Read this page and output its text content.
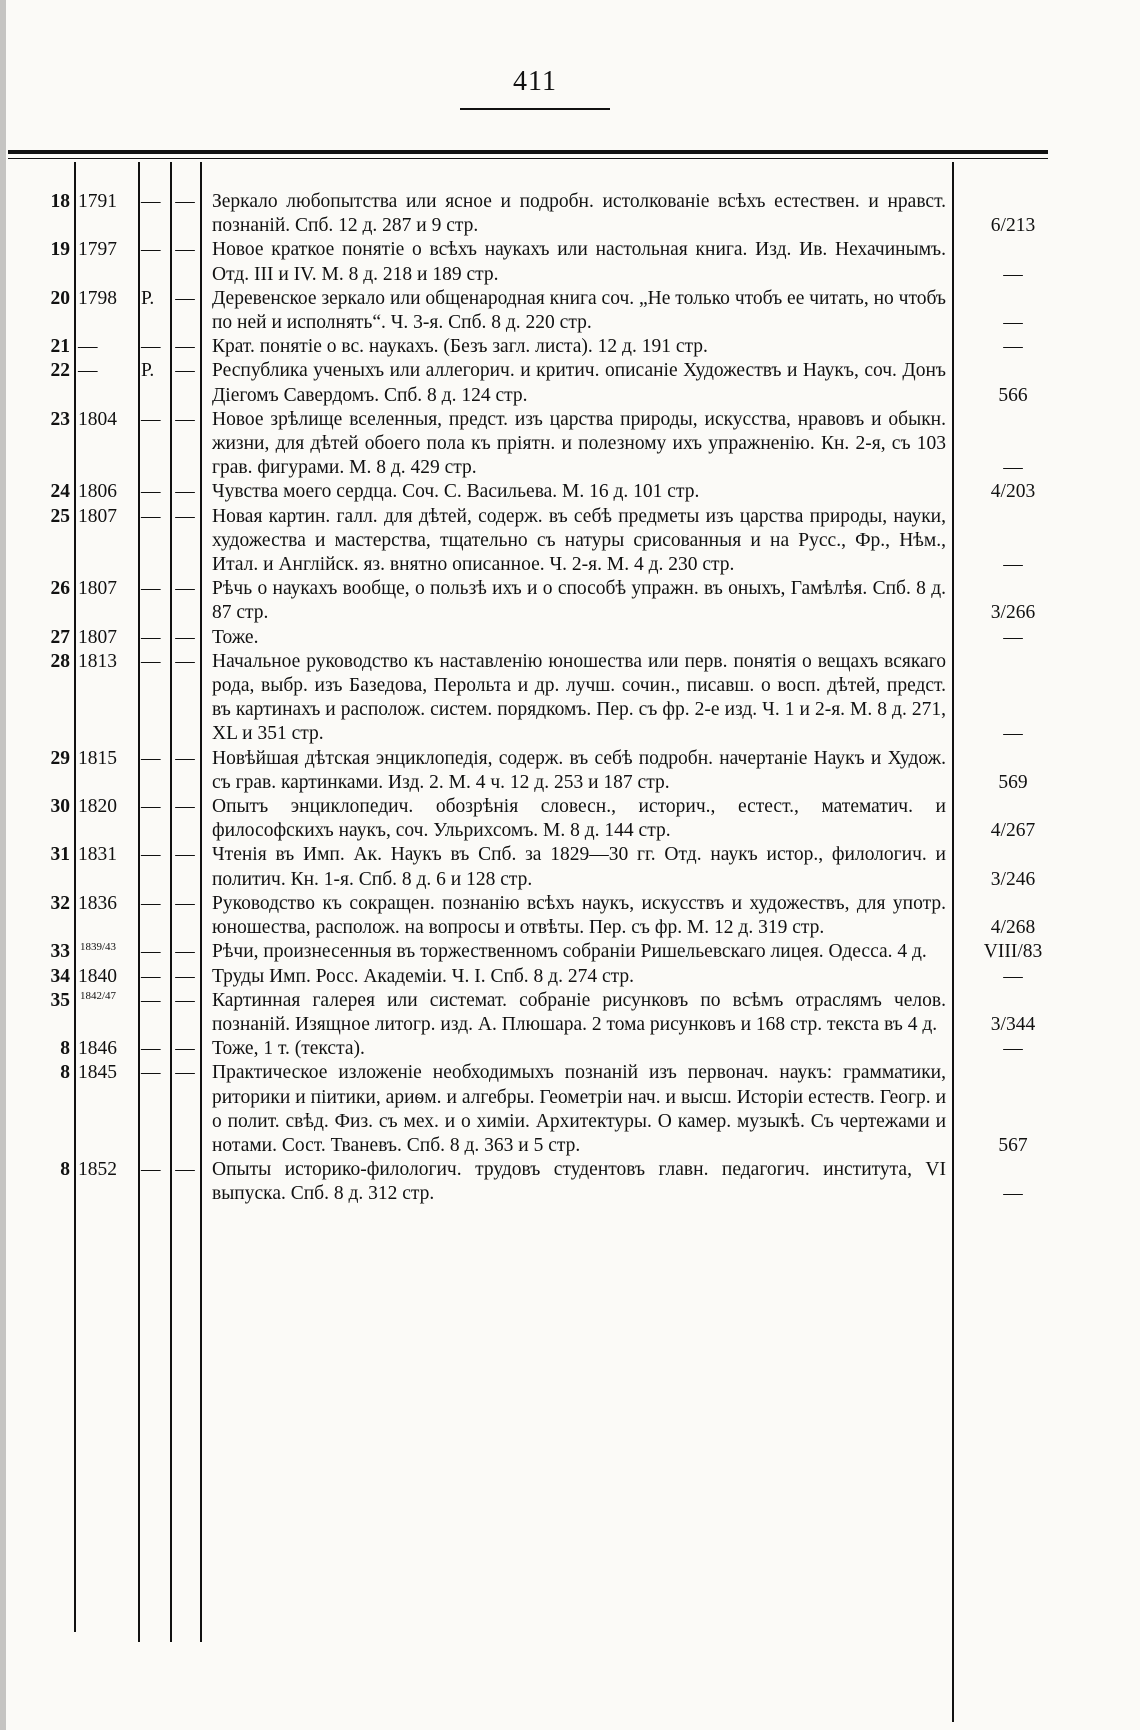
411
18 1791	— — Зеркало любопытства или ясное и подробн. истолкованіе всѣхъ естествен. и нравст. познаній. Спб. 12 д. 287 и 9 стр.	6/213
19 1797	— — Новое краткое понятіе о всѣхъ наукахъ или настольная книга. Изд. Ив. Нехачинымъ. Отд. III и IV. М. 8 д. 218 и 189 стр.	—
20 1798	Р.	— Деревенское зеркало или общенародная книга соч. „Не только чтобъ ее читать, но чтобъ по ней и исполнять“. Ч. 3-я. Спб. 8 д. 220 стр.	—
21 —	— — Крат. понятіе о вс. наукахъ. (Безъ загл. листа). 12 д. 191 стр.	—
22 —	Р.	— Республика ученыхъ или аллегорич. и критич. описаніе Художествъ и Наукъ, соч. Донъ Діегомъ Савердомъ. Спб. 8 д. 124 стр.	566
23 1804	— — Новое зрѣлище вселенныя, предст. изъ царства природы, искусства, нравовъ и обыкн. жизни, для дѣтей обоего пола къ пріятн. и полезному ихъ упражненію. Кн. 2-я, съ 103 грав. фигурами. М. 8 д. 429 стр.	—
24 1806	— — Чувства моего сердца. Соч. С. Васильева. М. 16 д. 101 стр.	4/203
25 1807	— — Новая картин. галл. для дѣтей, содерж. въ себѣ предметы изъ царства природы, науки, художества и мастерства, тщательно съ натуры срисованныя и на Русс., Фр., Нѣм., Итал. и Англійск. яз. внятно описанное. Ч. 2-я. М. 4 д. 230 стр.	—
26 1807	— — Рѣчь о наукахъ вообще, о пользѣ ихъ и о способѣ упражн. въ оныхъ, Гамѣлѣя. Спб. 8 д. 87 стр.	3/266
27 1807	— — Тоже.	—
28 1813	— — Начальное руководство къ наставленію юношества или перв. понятія о вещахъ всякаго рода, выбр. изъ Базедова, Перольта и др. лучш. сочин., писавш. о восп. дѣтей, предст. въ картинахъ и располож. систем. порядкомъ. Пер. съ фр. 2-е изд. Ч. 1 и 2-я. М. 8 д. 271, XL и 351 стр.	—
29 1815	— — Новѣйшая дѣтская энциклопедія, содерж. въ себѣ подробн. начертаніе Наукъ и Худож. съ грав. картинками. Изд. 2. М. 4 ч. 12 д. 253 и 187 стр.	569
30 1820	— — Опытъ энциклопедич. обозрѣнія словесн., историч., естест., математич. и философскихъ наукъ, соч. Ульрихсомъ. М. 8 д. 144 стр.	4/267
31 1831	— — Чтенія въ Имп. Ак. Наукъ въ Спб. за 1829—30 гг. Отд. наукъ истор., филологич. и политич. Кн. 1-я. Спб. 8 д. 6 и 128 стр.	3/246
32 1836	— — Руководство къ сокращен. познанію всѣхъ наукъ, искусствъ и художествъ, для употр. юношества, располож. на вопросы и отвѣты. Пер. съ фр. М. 12 д. 319 стр.	4/268
33 1839/43	— — Рѣчи, произнесенныя въ торжественномъ собраніи Ришельевскаго лицея. Одесса. 4 д.	VIII/83
34 1840	— — Труды Имп. Росс. Академіи. Ч. I. Спб. 8 д. 274 стр.	—
35 1842/47	— — Картинная галерея или системат. собраніе рисунковъ по всѣмъ отраслямъ челов. познаній. Изящное литогр. изд. А. Плюшара. 2 тома рисунковъ и 168 стр. текста въ 4 д.	3/344
8 1846	— — Тоже, 1 т. (текста).	—
8 1845	— — Практическое изложеніе необходимыхъ познаній изъ первонач. наукъ: грамматики, риторики и піитики, ариѳм. и алгебры. Геометріи нач. и высш. Исторіи естеств. Геогр. и о полит. свѣд. Физ. съ мех. и о химіи. Архитектуры. О камер. музыкѣ. Съ чертежами и нотами. Сост. Тваневъ. Спб. 8 д. 363 и 5 стр.	567
8 1852	— — Опыты историко-филологич. трудовъ студентовъ главн. педагогич. института, VI выпуска. Спб. 8 д. 312 стр.	—
